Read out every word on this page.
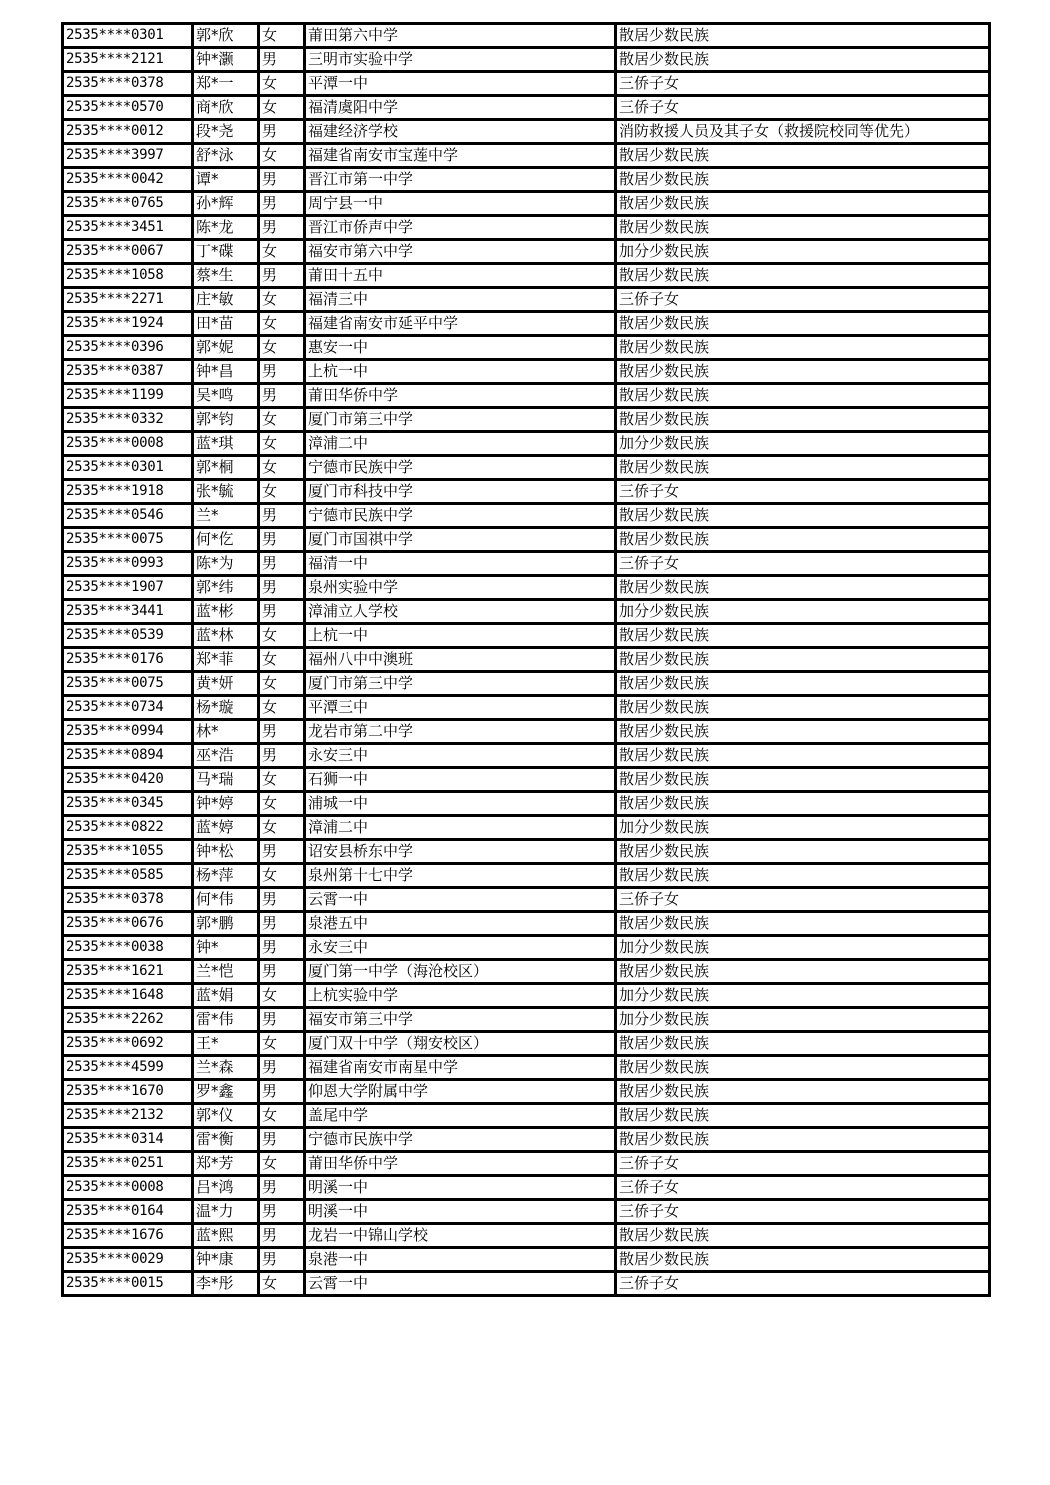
2535****0301	郭*欣	女	莆田第六中学	散居少数民族
2535****2121	钟*灏	男	三明市实验中学	散居少数民族
2535****0378	郑*一	女	平潭一中	三侨子女
2535****0570	商*欣	女	福清虞阳中学	三侨子女
2535****0012	段*尧	男	福建经济学校	消防救援人员及其子女（救援院校同等优先）
2535****3997	舒*泳	女	福建省南安市宝莲中学	散居少数民族
2535****0042	谭*	男	晋江市第一中学	散居少数民族
2535****0765	孙*辉	男	周宁县一中	散居少数民族
2535****3451	陈*龙	男	晋江市侨声中学	散居少数民族
2535****0067	丁*碟	女	福安市第六中学	加分少数民族
2535****1058	蔡*生	男	莆田十五中	散居少数民族
2535****2271	庄*敏	女	福清三中	三侨子女
2535****1924	田*苗	女	福建省南安市延平中学	散居少数民族
2535****0396	郭*妮	女	惠安一中	散居少数民族
2535****0387	钟*昌	男	上杭一中	散居少数民族
2535****1199	吴*鸣	男	莆田华侨中学	散居少数民族
2535****0332	郭*钧	女	厦门市第三中学	散居少数民族
2535****0008	蓝*琪	女	漳浦二中	加分少数民族
2535****0301	郭*桐	女	宁德市民族中学	散居少数民族
2535****1918	张*毓	女	厦门市科技中学	三侨子女
2535****0546	兰*	男	宁德市民族中学	散居少数民族
2535****0075	何*仡	男	厦门市国祺中学	散居少数民族
2535****0993	陈*为	男	福清一中	三侨子女
2535****1907	郭*纬	男	泉州实验中学	散居少数民族
2535****3441	蓝*彬	男	漳浦立人学校	加分少数民族
2535****0539	蓝*林	女	上杭一中	散居少数民族
2535****0176	郑*菲	女	福州八中中澳班	散居少数民族
2535****0075	黄*妍	女	厦门市第三中学	散居少数民族
2535****0734	杨*璇	女	平潭三中	散居少数民族
2535****0994	林*	男	龙岩市第二中学	散居少数民族
2535****0894	巫*浩	男	永安三中	散居少数民族
2535****0420	马*瑞	女	石狮一中	散居少数民族
2535****0345	钟*婷	女	浦城一中	散居少数民族
2535****0822	蓝*婷	女	漳浦二中	加分少数民族
2535****1055	钟*松	男	诏安县桥东中学	散居少数民族
2535****0585	杨*萍	女	泉州第十七中学	散居少数民族
2535****0378	何*伟	男	云霄一中	三侨子女
2535****0676	郭*鹏	男	泉港五中	散居少数民族
2535****0038	钟*	男	永安三中	加分少数民族
2535****1621	兰*恺	男	厦门第一中学（海沧校区）	散居少数民族
2535****1648	蓝*娟	女	上杭实验中学	加分少数民族
2535****2262	雷*伟	男	福安市第三中学	加分少数民族
2535****0692	王*	女	厦门双十中学（翔安校区）	散居少数民族
2535****4599	兰*森	男	福建省南安市南星中学	散居少数民族
2535****1670	罗*鑫	男	仰恩大学附属中学	散居少数民族
2535****2132	郭*仪	女	盖尾中学	散居少数民族
2535****0314	雷*衡	男	宁德市民族中学	散居少数民族
2535****0251	郑*芳	女	莆田华侨中学	三侨子女
2535****0008	吕*鸿	男	明溪一中	三侨子女
2535****0164	温*力	男	明溪一中	三侨子女
2535****1676	蓝*熙	男	龙岩一中锦山学校	散居少数民族
2535****0029	钟*康	男	泉港一中	散居少数民族
2535****0015	李*彤	女	云霄一中	三侨子女
